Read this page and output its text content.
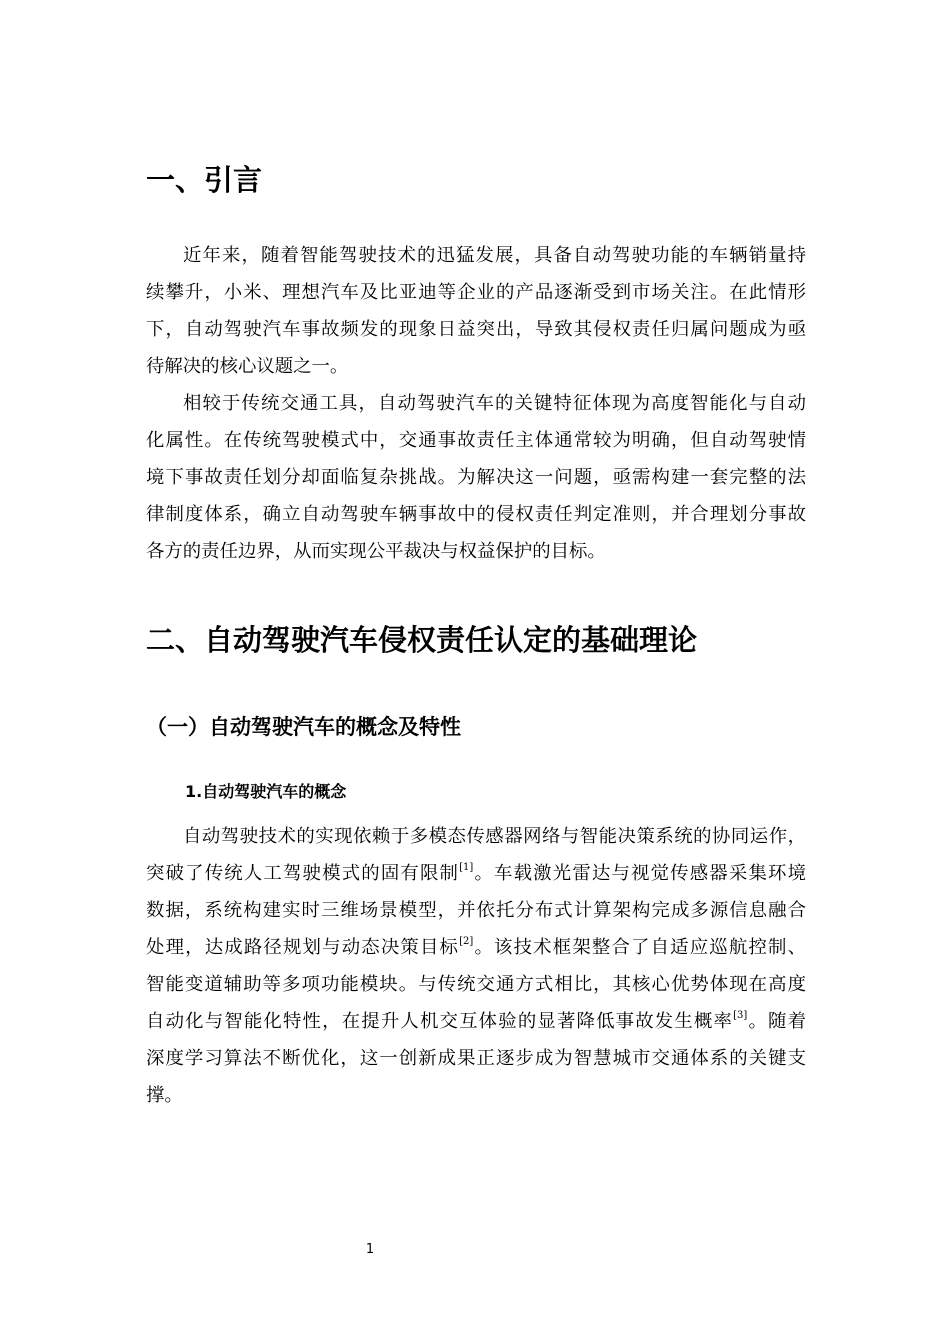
一、引言
近年来，随着智能驾驶技术的迅猛发展，具备自动驾驶功能的车辆销量持
续攀升，小米、理想汽车及比亚迪等企业的产品逐渐受到市场关注。在此情形
下，自动驾驶汽车事故频发的现象日益突出，导致其侵权责任归属问题成为亟
待解决的核心议题之一。
相较于传统交通工具，自动驾驶汽车的关键特征体现为高度智能化与自动
化属性。在传统驾驶模式中，交通事故责任主体通常较为明确，但自动驾驶情
境下事故责任划分却面临复杂挑战。为解决这一问题，亟需构建一套完整的法
律制度体系，确立自动驾驶车辆事故中的侵权责任判定准则，并合理划分事故
各方的责任边界，从而实现公平裁决与权益保护的目标。
二、自动驾驶汽车侵权责任认定的基础理论
（一）自动驾驶汽车的概念及特性
1.自动驾驶汽车的概念
自动驾驶技术的实现依赖于多模态传感器网络与智能决策系统的协同运作，
突破了传统人工驾驶模式的固有限制[1]。车载激光雷达与视觉传感器采集环境
数据，系统构建实时三维场景模型，并依托分布式计算架构完成多源信息融合
处理，达成路径规划与动态决策目标[2]。该技术框架整合了自适应巡航控制、
智能变道辅助等多项功能模块。与传统交通方式相比，其核心优势体现在高度
自动化与智能化特性，在提升人机交互体验的显著降低事故发生概率[3]。随着
深度学习算法不断优化，这一创新成果正逐步成为智慧城市交通体系的关键支
撑。
1
